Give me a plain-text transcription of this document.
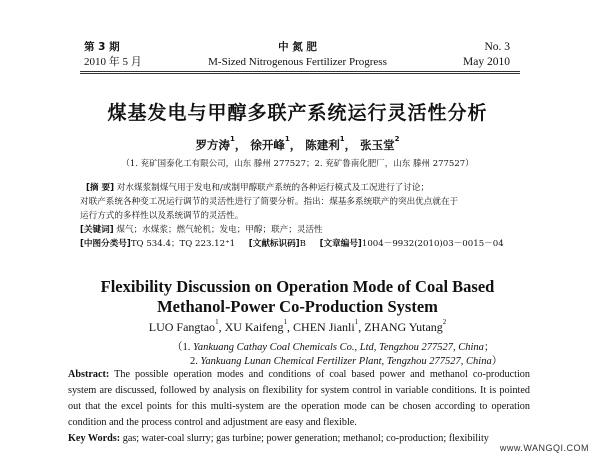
第 3 期
2010 年 5 月
中 氮 肥
M-Sized Nitrogenous Fertilizer Progress
No. 3
May 2010
煤基发电与甲醇多联产系统运行灵活性分析
罗方涛$^1$， 徐开峰$^1$， 陈建利$^1$， 张玉堂$^2$
（1. 兖矿国泰化工有限公司，山东 滕州 277527；2. 兖矿鲁南化肥厂，山东 滕州 277527）
[摘 要] 对水煤浆制煤气用于发电和/或制甲醇联产系统的各种运行模式及工况进行了讨论；
对联产系统各种变工况运行调节的灵活性进行了简要分析。指出：煤基多系统联产的突出优点就在于
运行方式的多样性以及系统调节的灵活性。
[关键词] 煤气；水煤浆；燃气轮机；发电；甲醇；联产；灵活性
[中图分类号]TQ 534.4；TQ 223.12⁺1 [文献标识码]B [文章编号]1004－9932(2010)03－0015－04
Flexibility Discussion on Operation Mode of Coal Based
Methanol-Power Co-Production System
LUO Fangtao$^1$, XU Kaifeng$^1$, CHEN Jianli$^1$, ZHANG Yutang$^2$
（1. Yankuang Cathay Coal Chemicals Co., Ltd, Tengzhou 277527, China；
2. Yankuang Lunan Chemical Fertilizer Plant, Tengzhou 277527, China）
Abstract: The possible operation modes and conditions of coal based power and methanol co-production
system are discussed, followed by analysis on flexibility for system control in variable conditions. It is pointed
out that the excel points for this multi-system are the operation mode can be chosen according to operation
condition and the process control and adjustment are easy and flexible.
Key Words: gas; water-coal slurry; gas turbine; power generation; methanol; co-production; flexibility
www.WANGQI.COM
